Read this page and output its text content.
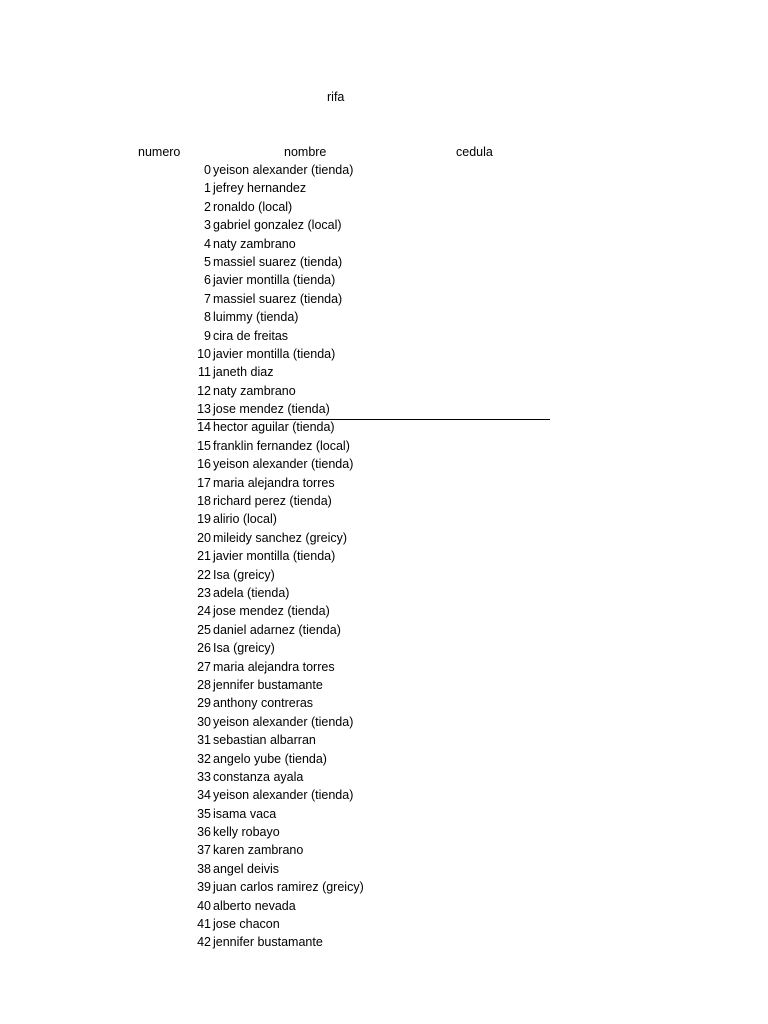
rifa
numero	nombre	cedula
0 yeison alexander (tienda)
1 jefrey hernandez
2 ronaldo (local)
3 gabriel gonzalez (local)
4 naty zambrano
5 massiel suarez (tienda)
6 javier montilla (tienda)
7 massiel suarez (tienda)
8 luimmy (tienda)
9 cira de freitas
10 javier montilla (tienda)
11 janeth diaz
12 naty zambrano
13 jose mendez (tienda)
14 hector aguilar (tienda)
15 franklin fernandez (local)
16 yeison alexander (tienda)
17 maria alejandra torres
18 richard perez (tienda)
19 alirio (local)
20 mileidy sanchez (greicy)
21 javier montilla (tienda)
22 Isa (greicy)
23 adela (tienda)
24 jose mendez (tienda)
25 daniel adarnez (tienda)
26 Isa (greicy)
27 maria alejandra torres
28 jennifer bustamante
29 anthony contreras
30 yeison alexander (tienda)
31 sebastian albarran
32 angelo yube (tienda)
33 constanza ayala
34 yeison alexander (tienda)
35 isama vaca
36 kelly robayo
37 karen zambrano
38 angel deivis
39 juan carlos ramirez (greicy)
40 alberto nevada
41 jose chacon
42 jennifer bustamante
